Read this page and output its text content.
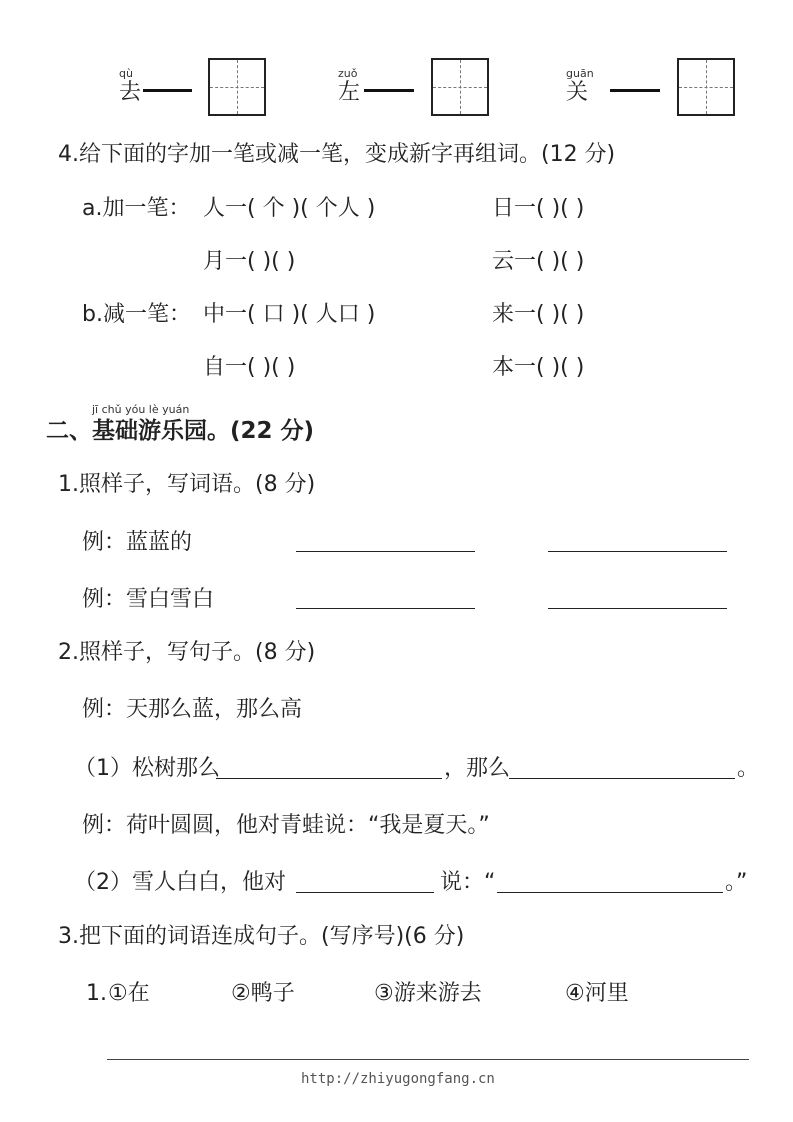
qù
去
zuǒ
左
guān
关
4.给下面的字加一笔或减一笔，变成新字再组词。(12 分)
a.加一笔： 人一( 个 )( 个人 )	日一( )( )
月一( )( )	云一( )( )
b.减一笔： 中一( 口 )( 人口 )	来一( )( )
自一( )( )	本一( )( )
jī chǔ yóu lè yuán
二、基础游乐园。(22 分)
1.照样子，写词语。(8 分)
例：蓝蓝的
例：雪白雪白
2.照样子，写句子。(8 分)
例：天那么蓝，那么高
（1）松树那么	，那么	。
例：荷叶圆圆，他对青蛙说：“我是夏天。”
（2）雪人白白，他对	说：“	。”
3.把下面的词语连成句子。(写序号)(6 分)
1. ①在	②鸭子	③游来游去	④河里
http://zhiyugongfang.cn
